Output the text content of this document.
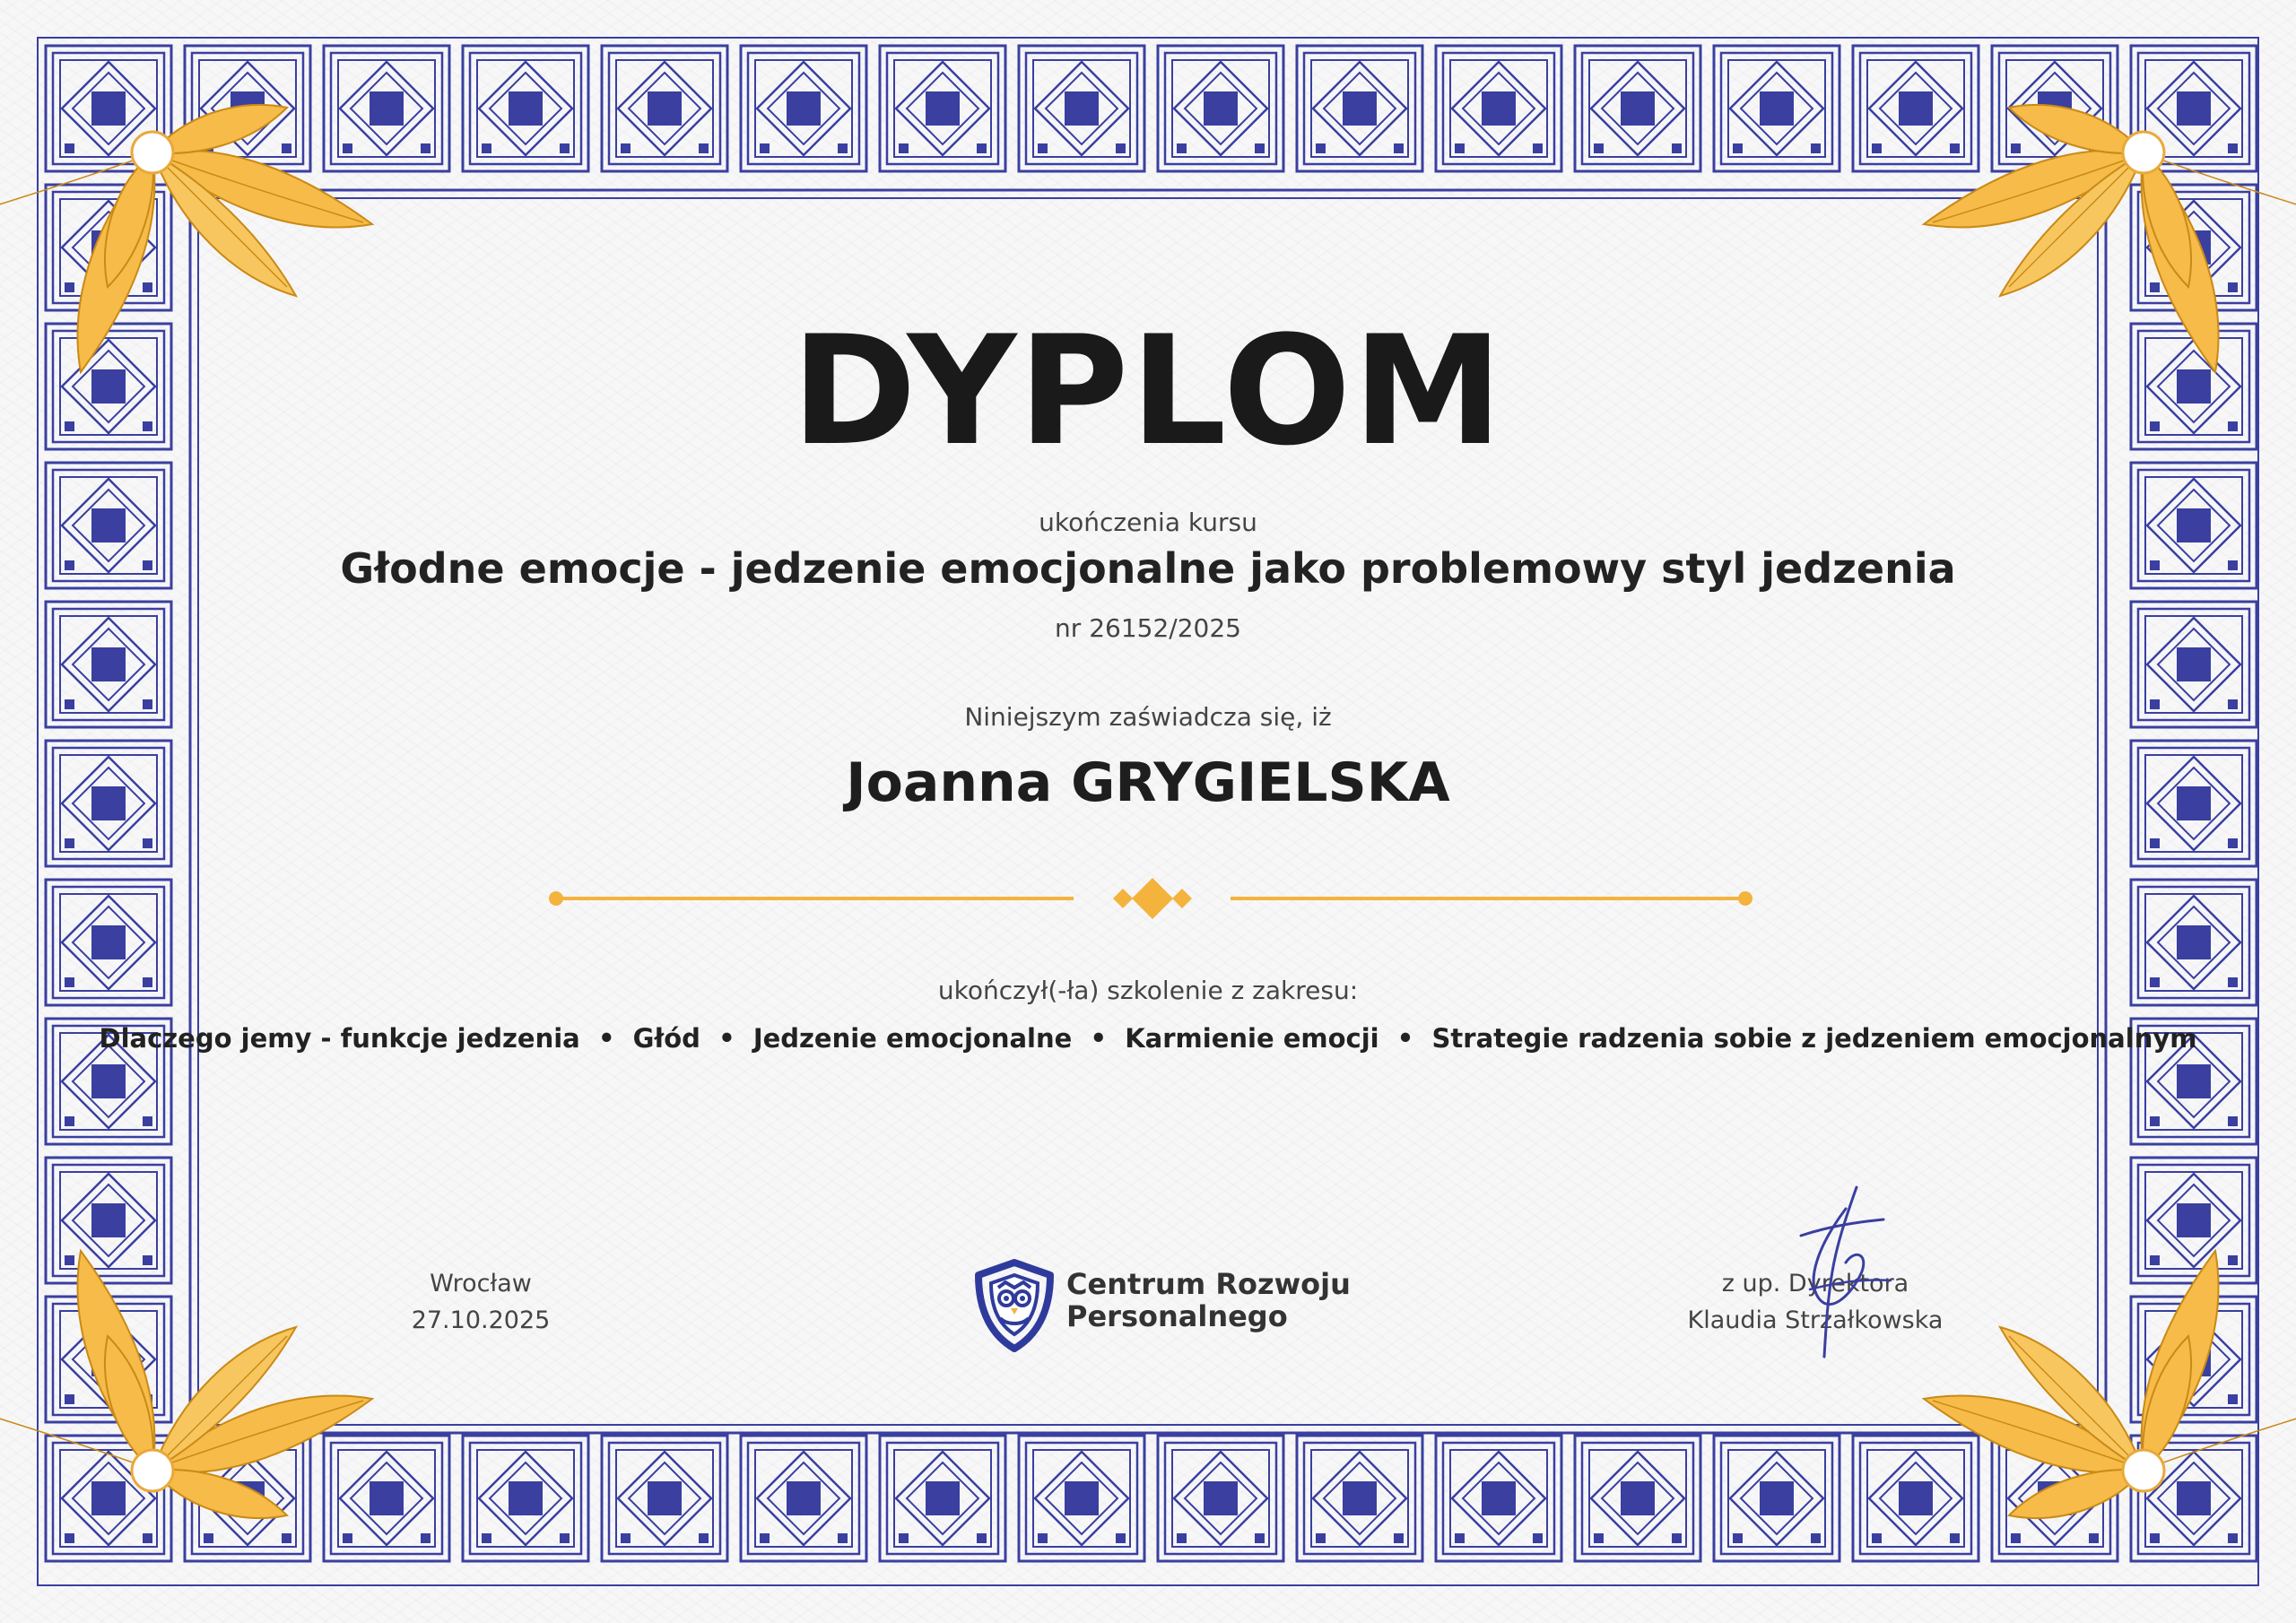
DYPLOM
ukończenia kursu
Głodne emocje - jedzenie emocjonalne jako problemowy styl jedzenia
nr 26152/2025
Niniejszym zaświadcza się, iż
Joanna GRYGIELSKA
ukończył(-ła) szkolenie z zakresu:
Dlaczego jemy - funkcje jedzenia  •  Głód  •  Jedzenie emocjonalne  •  Karmienie emocji  •  Strategie radzenia sobie z jedzeniem emocjonalnym
Wrocław
27.10.2025
Centrum Rozwoju
Personalnego
z up. Dyrektora
Klaudia Strzałkowska
